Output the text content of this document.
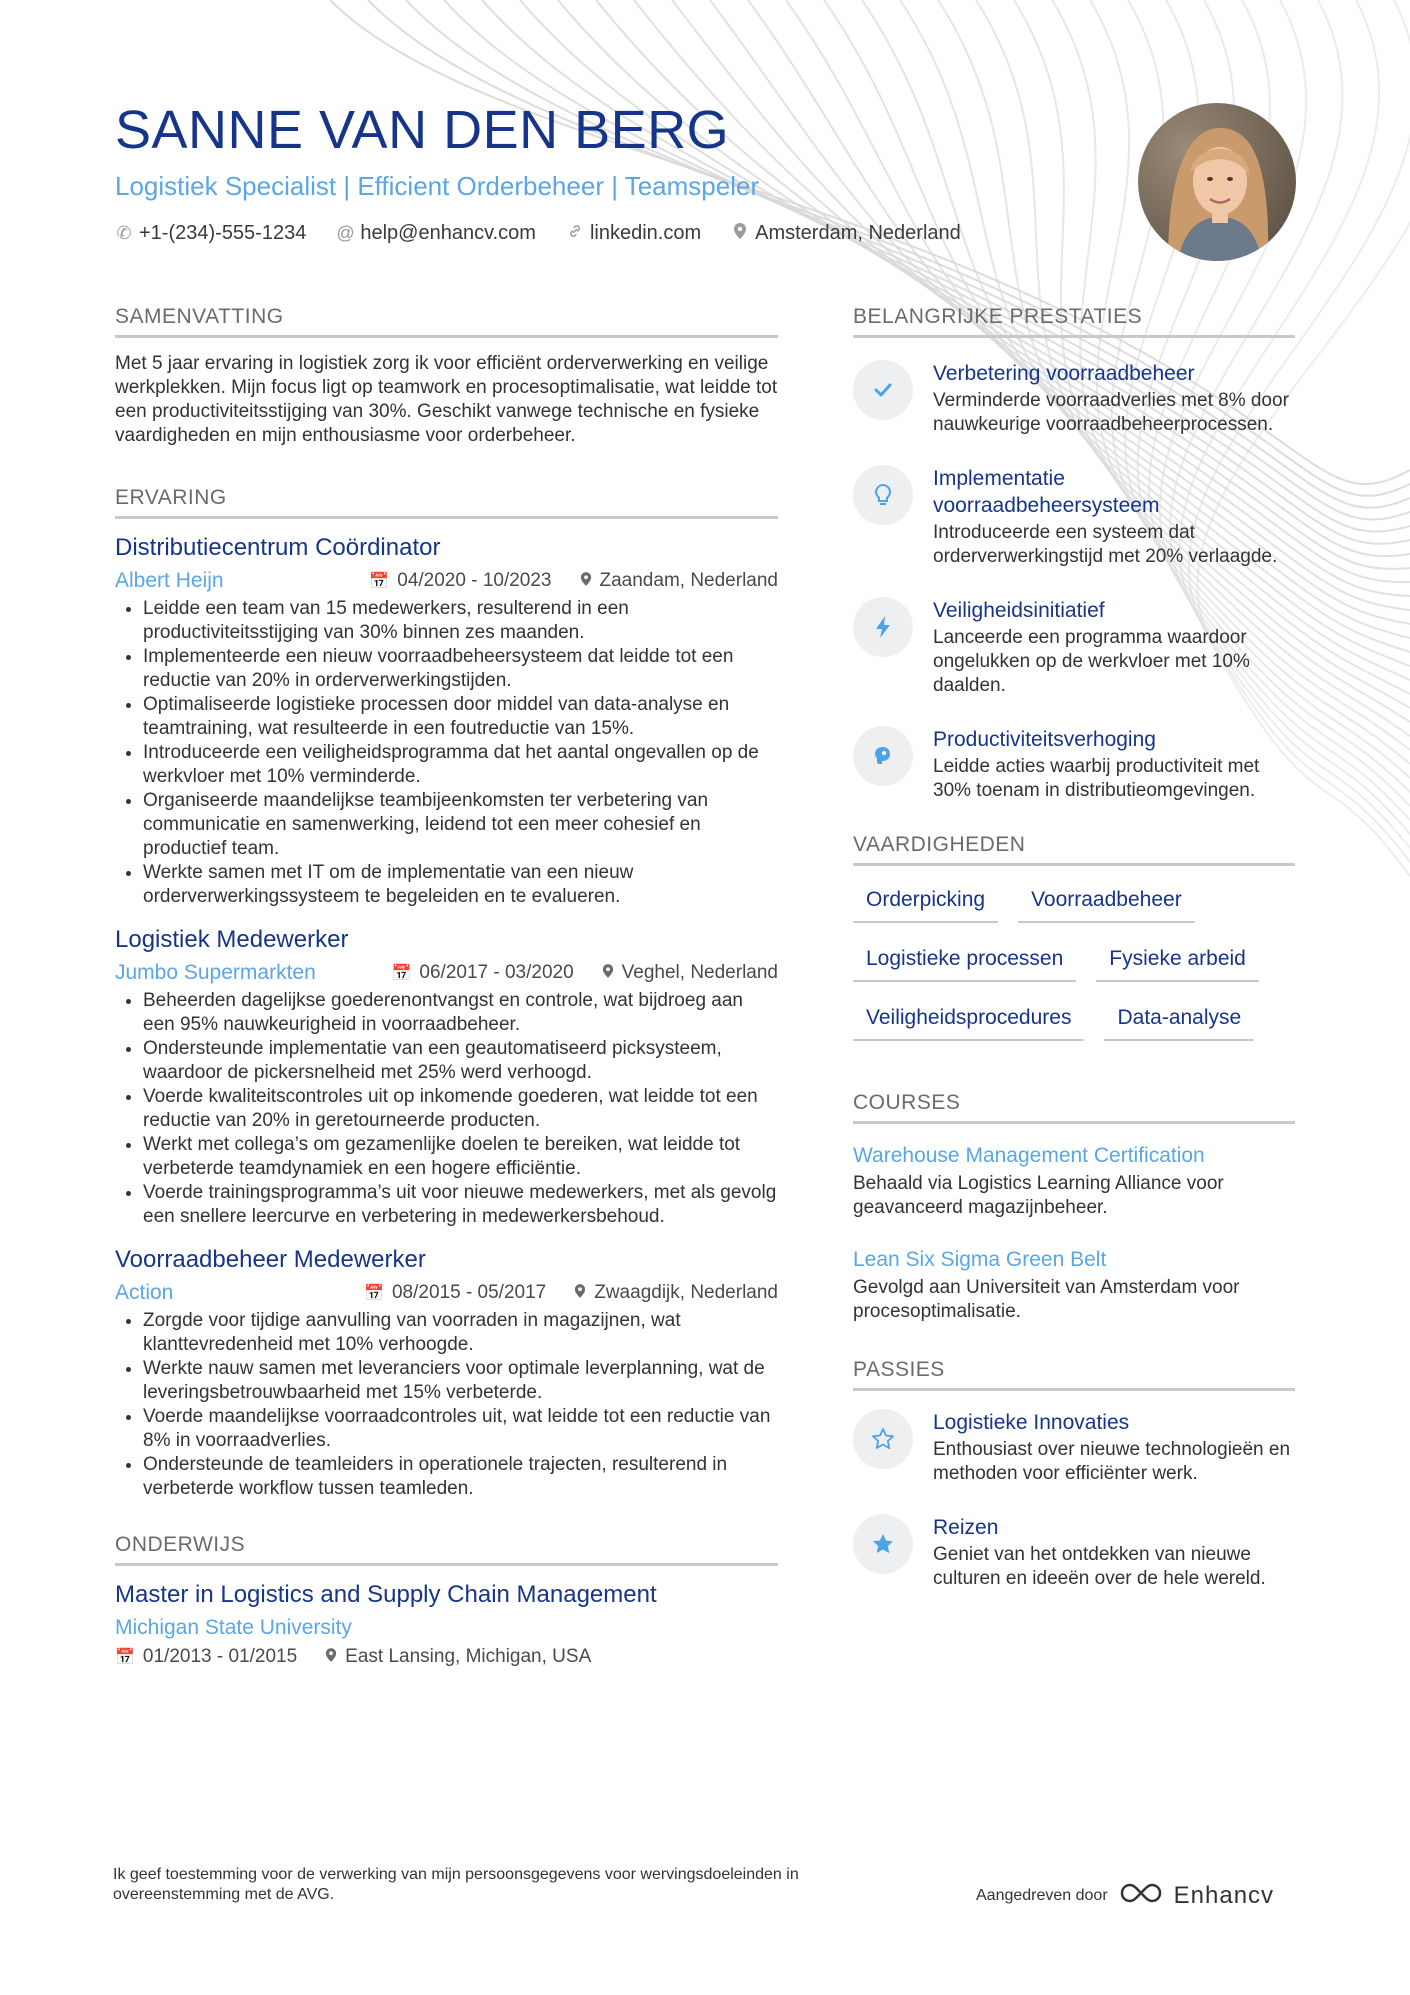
SANNE VAN DEN BERG
Logistiek Specialist | Efficient Orderbeheer | Teamspeler
✆ +1-(234)-555-1234 @ help@enhancv.com	linkedin.com	Amsterdam, Nederland
SAMENVATTING
Met 5 jaar ervaring in logistiek zorg ik voor efficiënt orderverwerking en veilige werkplekken. Mijn focus ligt op teamwork en procesoptimalisatie, wat leidde tot een productiviteitsstijging van 30%. Geschikt vanwege technische en fysieke vaardigheden en mijn enthousiasme voor orderbeheer.
ERVARING
Distributiecentrum Coördinator
Albert Heijn	📅 04/2020 - 10/2023	Zaandam, Nederland
• Leidde een team van 15 medewerkers, resulterend in een productiviteitsstijging van 30% binnen zes maanden.
• Implementeerde een nieuw voorraadbeheersysteem dat leidde tot een reductie van 20% in orderverwerkingstijden.
• Optimaliseerde logistieke processen door middel van data-analyse en teamtraining, wat resulteerde in een foutreductie van 15%.
• Introduceerde een veiligheidsprogramma dat het aantal ongevallen op de werkvloer met 10% verminderde.
• Organiseerde maandelijkse teambijeenkomsten ter verbetering van communicatie en samenwerking, leidend tot een meer cohesief en productief team.
• Werkte samen met IT om de implementatie van een nieuw orderverwerkingssysteem te begeleiden en te evalueren.
Logistiek Medewerker
Jumbo Supermarkten	📅 06/2017 - 03/2020	Veghel, Nederland
• Beheerden dagelijkse goederenontvangst en controle, wat bijdroeg aan een 95% nauwkeurigheid in voorraadbeheer.
• Ondersteunde implementatie van een geautomatiseerd picksysteem, waardoor de pickersnelheid met 25% werd verhoogd.
• Voerde kwaliteitscontroles uit op inkomende goederen, wat leidde tot een reductie van 20% in geretourneerde producten.
• Werkt met collega’s om gezamenlijke doelen te bereiken, wat leidde tot verbeterde teamdynamiek en een hogere efficiëntie.
• Voerde trainingsprogramma’s uit voor nieuwe medewerkers, met als gevolg een snellere leercurve en verbetering in medewerkersbehoud.
Voorraadbeheer Medewerker
Action	📅 08/2015 - 05/2017	Zwaagdijk, Nederland
• Zorgde voor tijdige aanvulling van voorraden in magazijnen, wat klanttevredenheid met 10% verhoogde.
• Werkte nauw samen met leveranciers voor optimale leverplanning, wat de leveringsbetrouwbaarheid met 15% verbeterde.
• Voerde maandelijkse voorraadcontroles uit, wat leidde tot een reductie van 8% in voorraadverlies.
• Ondersteunde de teamleiders in operationele trajecten, resulterend in verbeterde workflow tussen teamleden.
ONDERWIJS
Master in Logistics and Supply Chain Management
Michigan State University
📅 01/2013 - 01/2015	East Lansing, Michigan, USA
BELANGRIJKE PRESTATIES
Verbetering voorraadbeheer
Verminderde voorraadverlies met 8% door nauwkeurige voorraadbeheerprocessen.
Implementatie voorraadbeheersysteem
Introduceerde een systeem dat orderverwerkingstijd met 20% verlaagde.
Veiligheidsinitiatief
Lanceerde een programma waardoor ongelukken op de werkvloer met 10% daalden.
Productiviteitsverhoging
Leidde acties waarbij productiviteit met 30% toenam in distributieomgevingen.
VAARDIGHEDEN
Orderpicking	Voorraadbeheer
Logistieke processen	Fysieke arbeid
Veiligheidsprocedures	Data-analyse
COURSES
Warehouse Management Certification
Behaald via Logistics Learning Alliance voor geavanceerd magazijnbeheer.
Lean Six Sigma Green Belt
Gevolgd aan Universiteit van Amsterdam voor procesoptimalisatie.
PASSIES
Logistieke Innovaties
Enthousiast over nieuwe technologieën en methoden voor efficiënter werk.
Reizen
Geniet van het ontdekken van nieuwe culturen en ideeën over de hele wereld.
Ik geef toestemming voor de verwerking van mijn persoonsgegevens voor wervingsdoeleinden in overeenstemming met de AVG.	Aangedreven door	Enhancv
